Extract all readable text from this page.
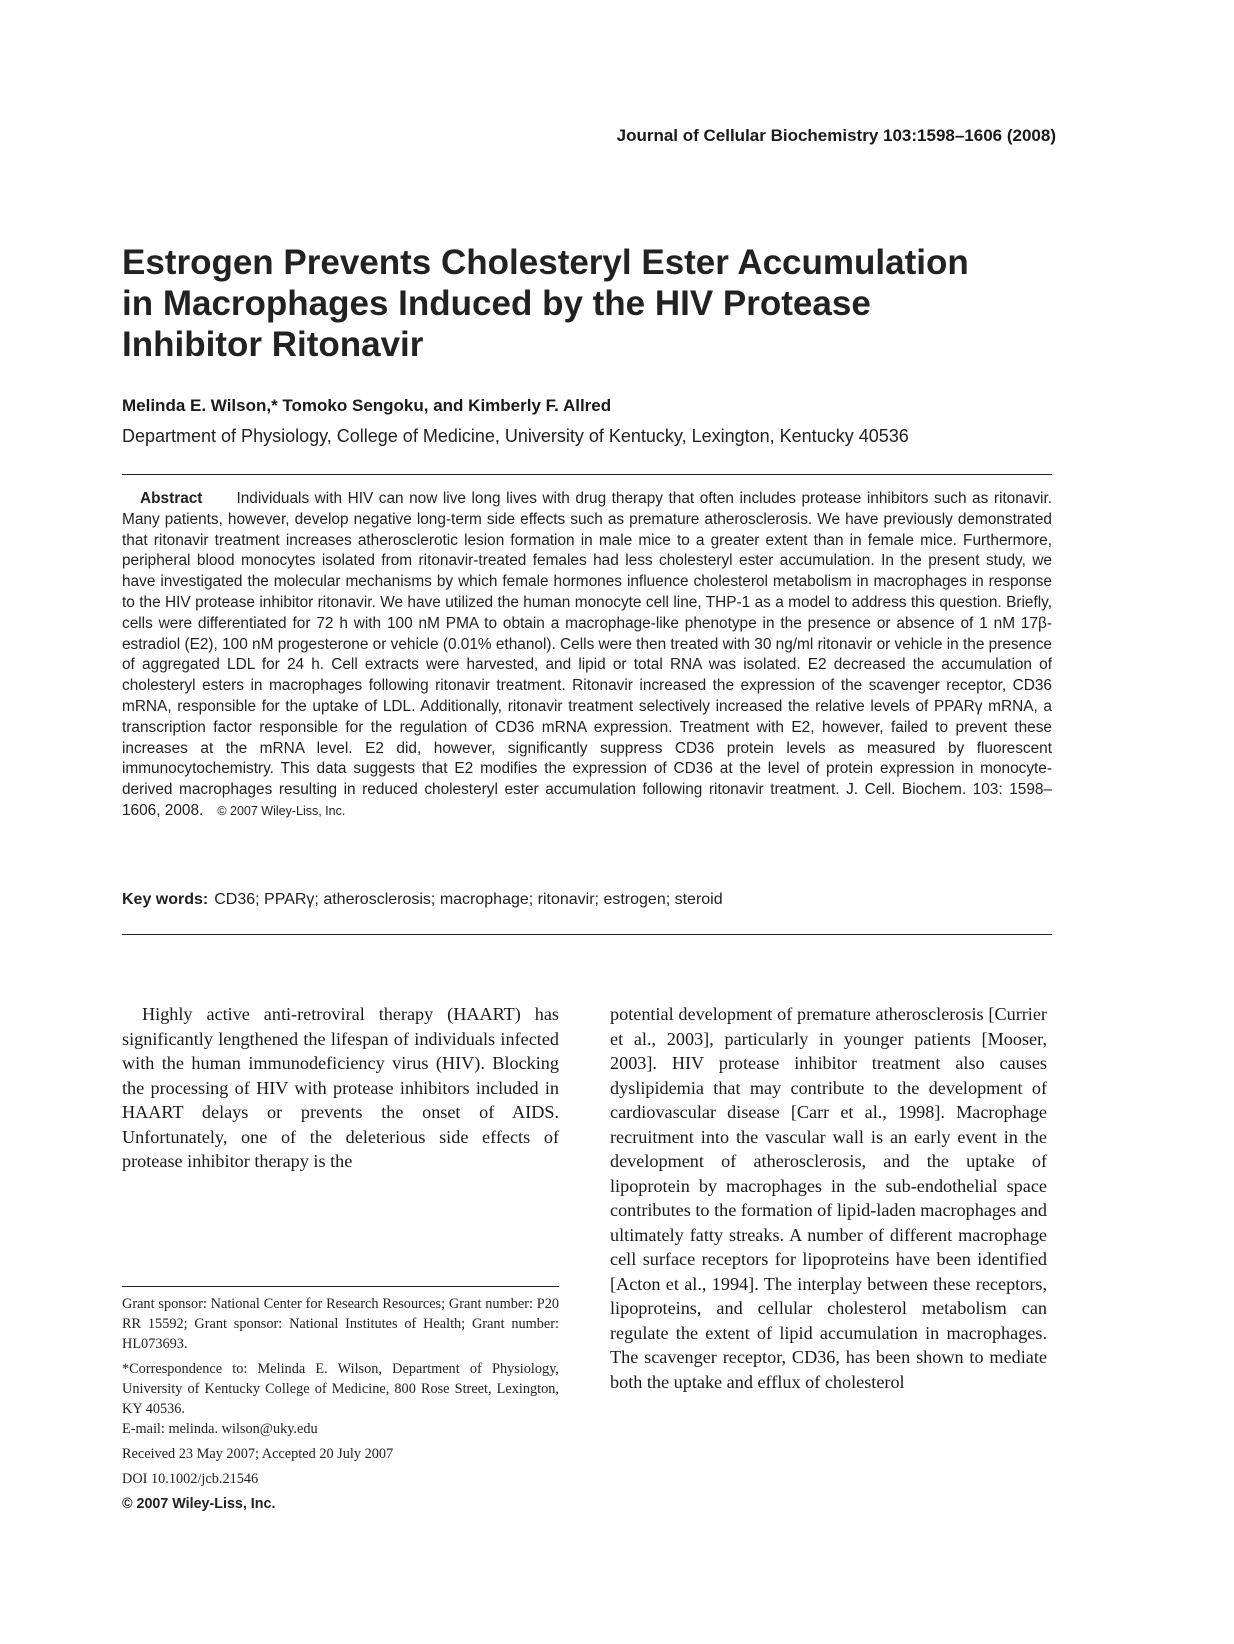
Journal of Cellular Biochemistry 103:1598–1606 (2008)
Estrogen Prevents Cholesteryl Ester Accumulation in Macrophages Induced by the HIV Protease Inhibitor Ritonavir
Melinda E. Wilson,* Tomoko Sengoku, and Kimberly F. Allred
Department of Physiology, College of Medicine, University of Kentucky, Lexington, Kentucky 40536

Abstract Individuals with HIV can now live long lives with drug therapy that often includes protease inhibitors such as ritonavir. Many patients, however, develop negative long-term side effects such as premature atherosclerosis. We have previously demonstrated that ritonavir treatment increases atherosclerotic lesion formation in male mice to a greater extent than in female mice. Furthermore, peripheral blood monocytes isolated from ritonavir-treated females had less cholesteryl ester accumulation. In the present study, we have investigated the molecular mechanisms by which female hormones influence cholesterol metabolism in macrophages in response to the HIV protease inhibitor ritonavir. We have utilized the human monocyte cell line, THP-1 as a model to address this question. Briefly, cells were differentiated for 72 h with 100 nM PMA to obtain a macrophage-like phenotype in the presence or absence of 1 nM 17β-estradiol (E2), 100 nM progesterone or vehicle (0.01% ethanol). Cells were then treated with 30 ng/ml ritonavir or vehicle in the presence of aggregated LDL for 24 h. Cell extracts were harvested, and lipid or total RNA was isolated. E2 decreased the accumulation of cholesteryl esters in macrophages following ritonavir treatment. Ritonavir increased the expression of the scavenger receptor, CD36 mRNA, responsible for the uptake of LDL. Additionally, ritonavir treatment selectively increased the relative levels of PPARγ mRNA, a transcription factor responsible for the regulation of CD36 mRNA expression. Treatment with E2, however, failed to prevent these increases at the mRNA level. E2 did, however, significantly suppress CD36 protein levels as measured by fluorescent immunocytochemistry. This data suggests that E2 modifies the expression of CD36 at the level of protein expression in monocyte-derived macrophages resulting in reduced cholesteryl ester accumulation following ritonavir treatment. J. Cell. Biochem. 103: 1598–1606, 2008. © 2007 Wiley-Liss, Inc.

Key words: CD36; PPARγ; atherosclerosis; macrophage; ritonavir; estrogen; steroid

Highly active anti-retroviral therapy (HAART) has significantly lengthened the lifespan of individuals infected with the human immunodeficiency virus (HIV). Blocking the processing of HIV with protease inhibitors included in HAART delays or prevents the onset of AIDS. Unfortunately, one of the deleterious side effects of protease inhibitor therapy is the

potential development of premature atherosclerosis [Currier et al., 2003], particularly in younger patients [Mooser, 2003]. HIV protease inhibitor treatment also causes dyslipidemia that may contribute to the development of cardiovascular disease [Carr et al., 1998]. Macrophage recruitment into the vascular wall is an early event in the development of atherosclerosis, and the uptake of lipoprotein by macrophages in the sub-endothelial space contributes to the formation of lipid-laden macrophages and ultimately fatty streaks. A number of different macrophage cell surface receptors for lipoproteins have been identified [Acton et al., 1994]. The interplay between these receptors, lipoproteins, and cellular cholesterol metabolism can regulate the extent of lipid accumulation in macrophages. The scavenger receptor, CD36, has been shown to mediate both the uptake and efflux of cholesterol

Grant sponsor: National Center for Research Resources; Grant number: P20 RR 15592; Grant sponsor: National Institutes of Health; Grant number: HL073693.

*Correspondence to: Melinda E. Wilson, Department of Physiology, University of Kentucky College of Medicine, 800 Rose Street, Lexington, KY 40536.

E-mail: melinda. wilson@uky.edu

Received 23 May 2007; Accepted 20 July 2007

DOI 10.1002/jcb.21546

© 2007 Wiley-Liss, Inc.
